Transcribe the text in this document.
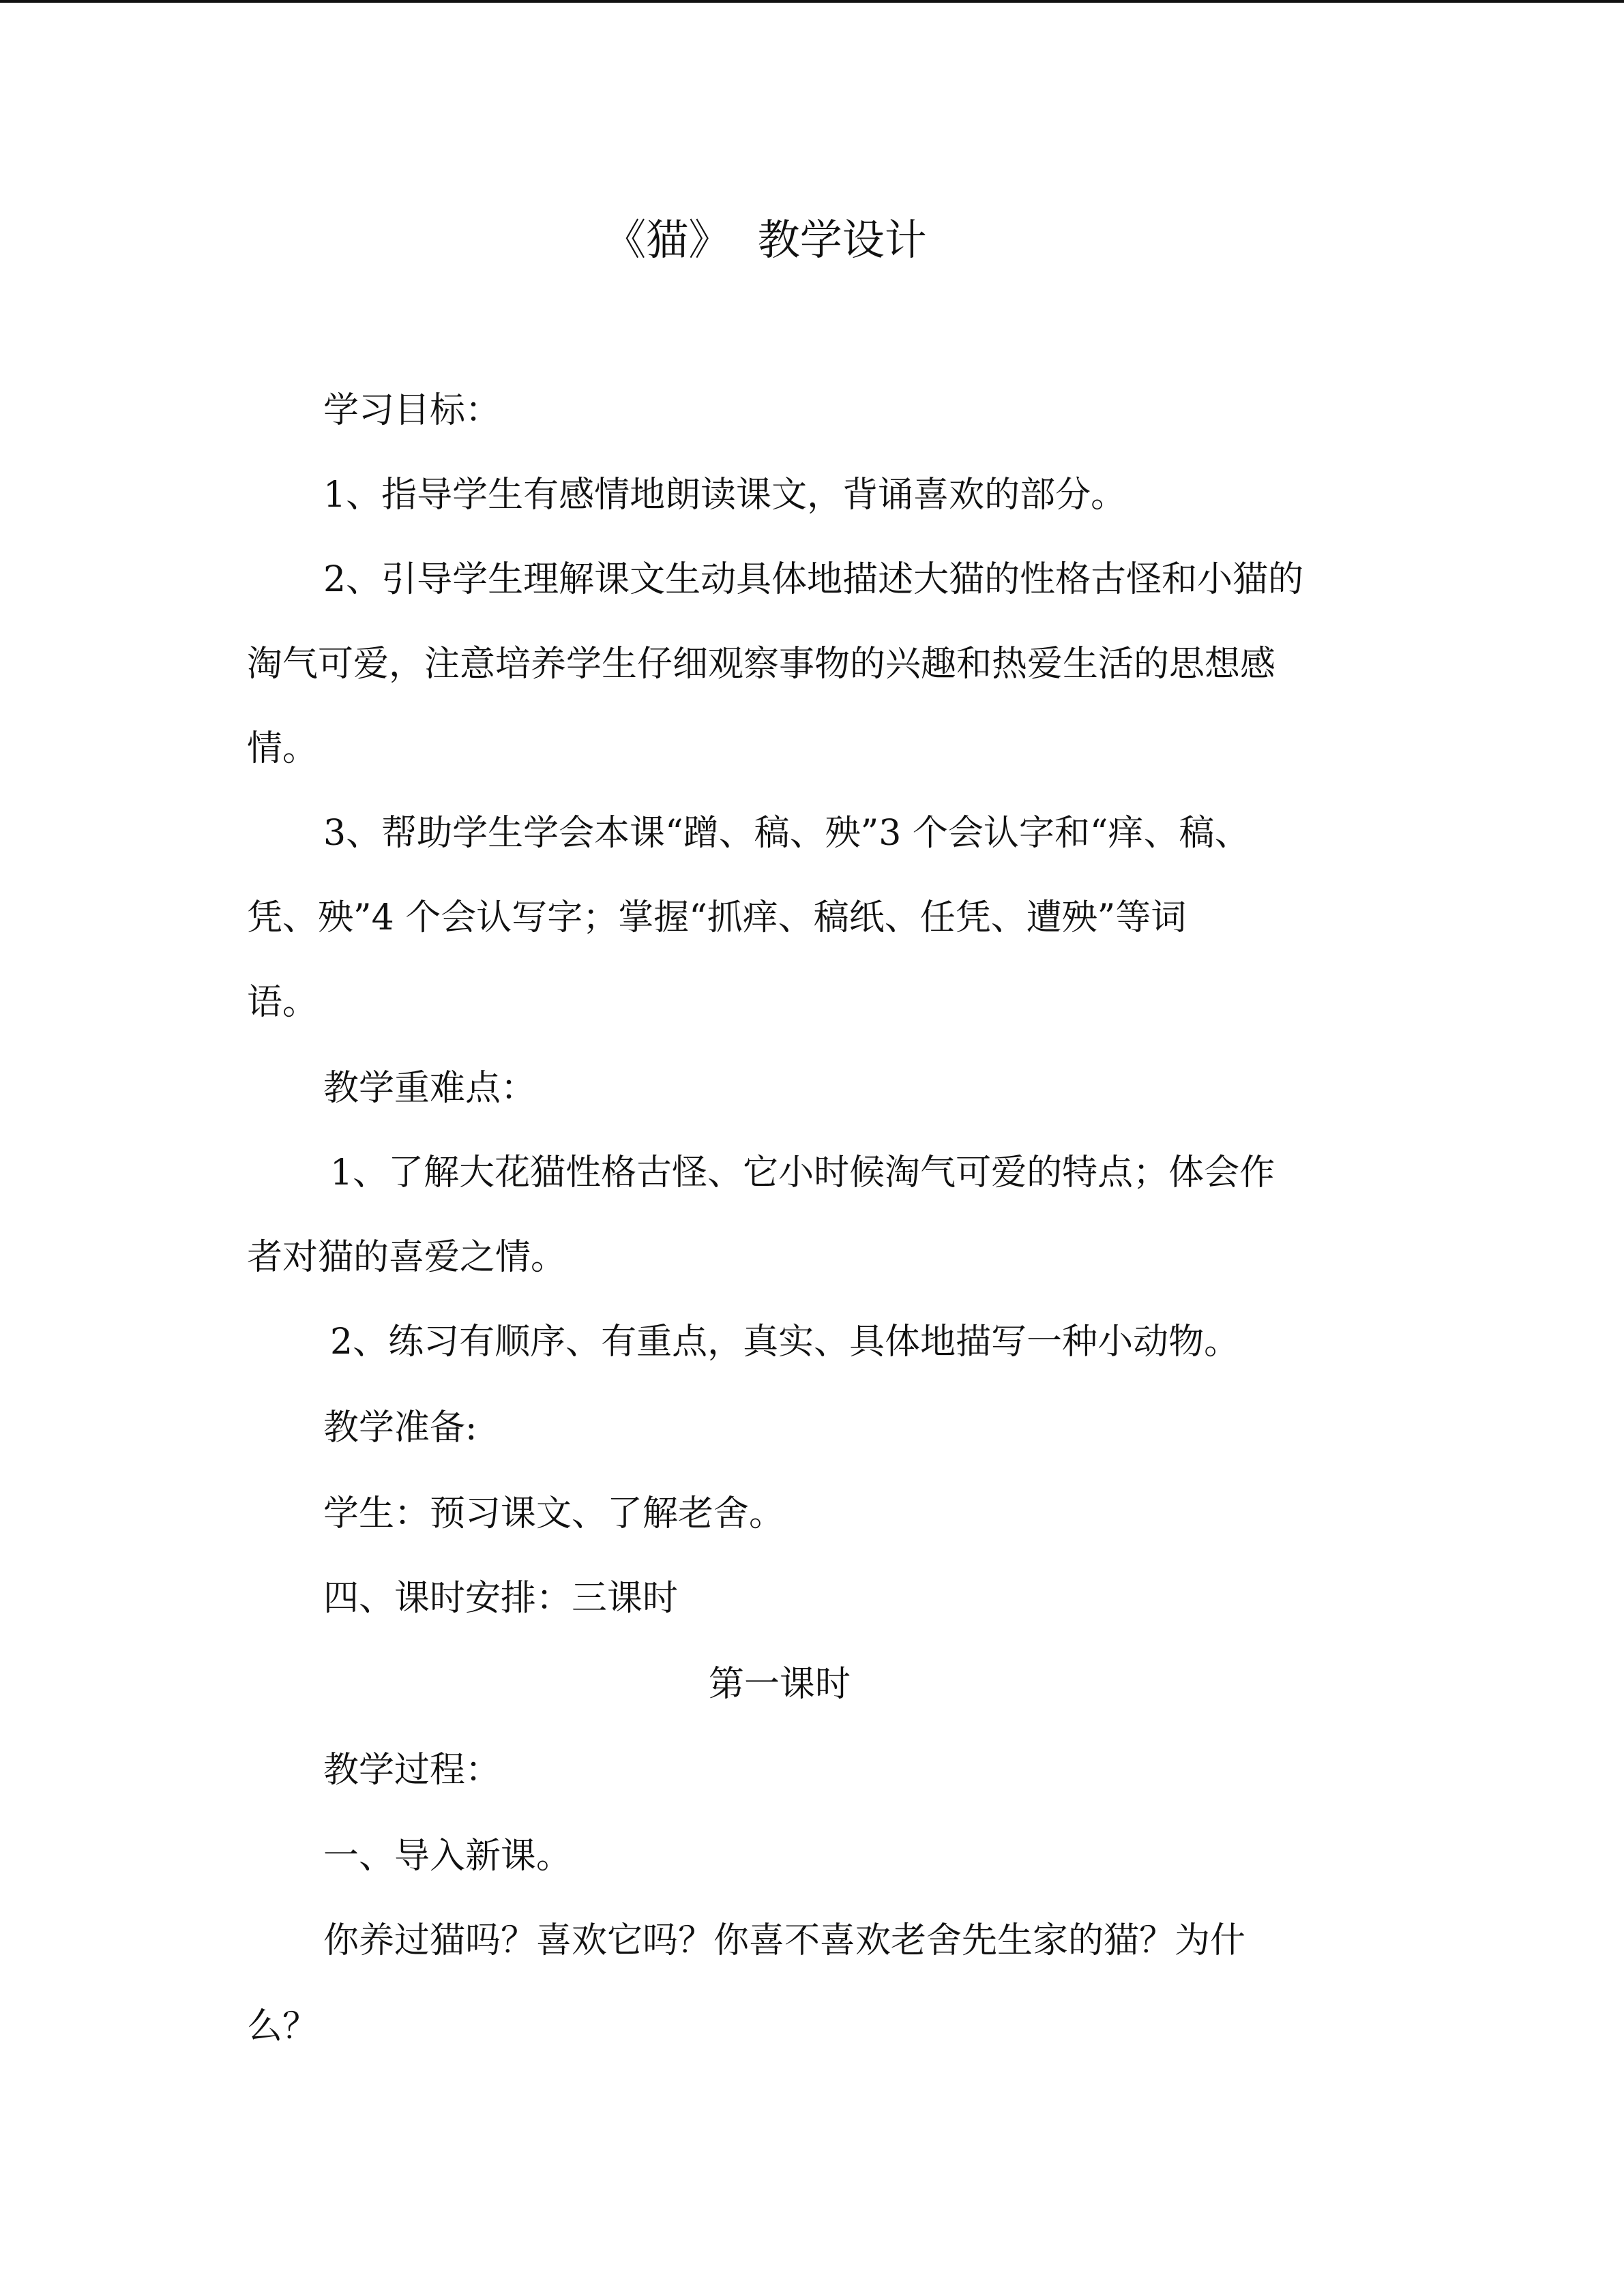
《猫》  教学设计
学习目标：
1、指导学生有感情地朗读课文，背诵喜欢的部分。
2、引导学生理解课文生动具体地描述大猫的性格古怪和小猫的
淘气可爱，注意培养学生仔细观察事物的兴趣和热爱生活的思想感
情。
3、帮助学生学会本课“蹭、稿、殃”3 个会认字和“痒、稿、
凭、殃”4 个会认写字；掌握“抓痒、稿纸、任凭、遭殃”等词
语。
教学重难点：
1、了解大花猫性格古怪、它小时候淘气可爱的特点；体会作
者对猫的喜爱之情。
2、练习有顺序、有重点，真实、具体地描写一种小动物。
教学准备:
学生：预习课文、了解老舍。
四、课时安排：三课时
第一课时
教学过程：
一、导入新课。
你养过猫吗？喜欢它吗？你喜不喜欢老舍先生家的猫？为什
么？
